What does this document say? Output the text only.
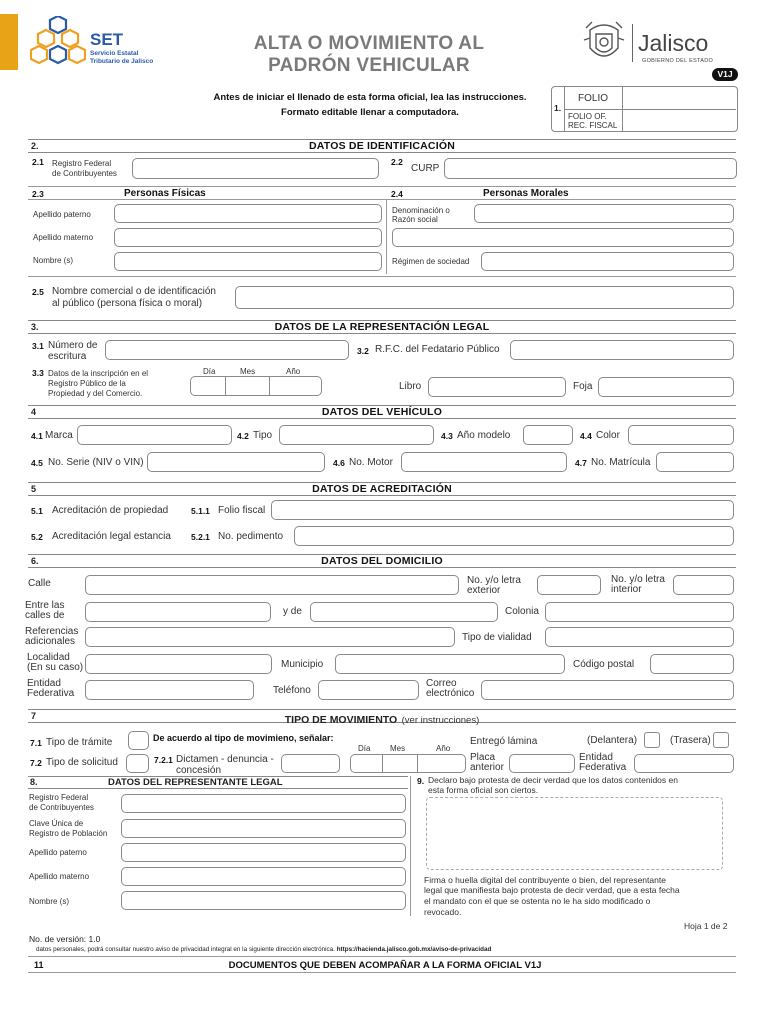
SET
Servicio Estatal
Tributario de Jalisco
ALTA O MOVIMIENTO AL
PADRÓN VEHICULAR
Jalisco
GOBIERNO DEL ESTADO
V1J
Antes de iniciar el llenado de esta forma oficial, lea las instrucciones.
Formato editable llenar a computadora.	1.
FOLIO
FOLIO OF.
REC. FISCAL
2.	DATOS DE IDENTIFICACIÓN
2.1 Registro Federal
de Contribuyentes
2.2
CURP
2.3	Personas Físicas	2.4	Personas Morales
Apellido paterno
Apellido materno
Nombre (s)
Denominación o
Razón social
Régimen de sociedad
2.5 Nombre comercial o de identificación
al público (persona física o moral)
3.	DATOS DE LA REPRESENTACIÓN LEGAL
3.1 Número de
escritura	3.2 R.F.C. del Fedatario Público
3.3 Datos de la inscripción en el
Registro Público de la
Propiedad y del Comercio.
Día	Mes	Año
Libro	Foja
4	DATOS DEL VEHÍCULO
4.1 Marca	4.2 Tipo	4.3 Año modelo	4.4 Color
4.5 No. Serie (NIV o VIN)	4.6 No. Motor	4.7 No. Matrícula
5	DATOS DE ACREDITACIÓN
5.1 Acreditación de propiedad	5.1.1 Folio fiscal
5.2 Acreditación legal estancia 5.2.1 No. pedimento
6.	DATOS DEL DOMICILIO
Calle	No. y/o letra
exterior
No. y/o letra
interior
Entre las
calles de	y de	Colonia
Referencias
adicionales	Tipo de vialidad
Localidad
(En su caso)	Municipio	Código postal
Entidad
Federativa	Teléfono
Correo
electrónico
7	TIPO DE MOVIMIENTO (ver instrucciones)
7.1 Tipo de trámite	De acuerdo al tipo de movimieno, señalar:	Entregó lámina	(Delantera)	(Trasera)
7.2 Tipo de solicitud	7.2.1 Dictamen - denuncia -
concesión
Día Mes	Año
Placa
anterior
Entidad
Federativa
8.	DATOS DEL REPRESENTANTE LEGAL
Registro Federal
de Contribuyentes
Clave Única de
Registro de Población
Apellido paterno
Apellido materno
Nombre (s)
9. Declaro bajo protesta de decir verdad que los datos contenidos en
esta forma oficial son ciertos.
Firma o huella digital del contribuyente o bien, del representante
legal que manifiesta bajo protesta de decir verdad, que a esta fecha
el mandato con el que se ostenta no le ha sido modificado o
revocado.
Hoja 1 de 2
No. de versión: 1.0
datos personales, podrá consultar nuestro aviso de privacidad integral en la siguiente dirección electrónica. https://hacienda.jalisco.gob.mx/aviso-de-privacidad
11	DOCUMENTOS QUE DEBEN ACOMPAÑAR A LA FORMA OFICIAL V1J
